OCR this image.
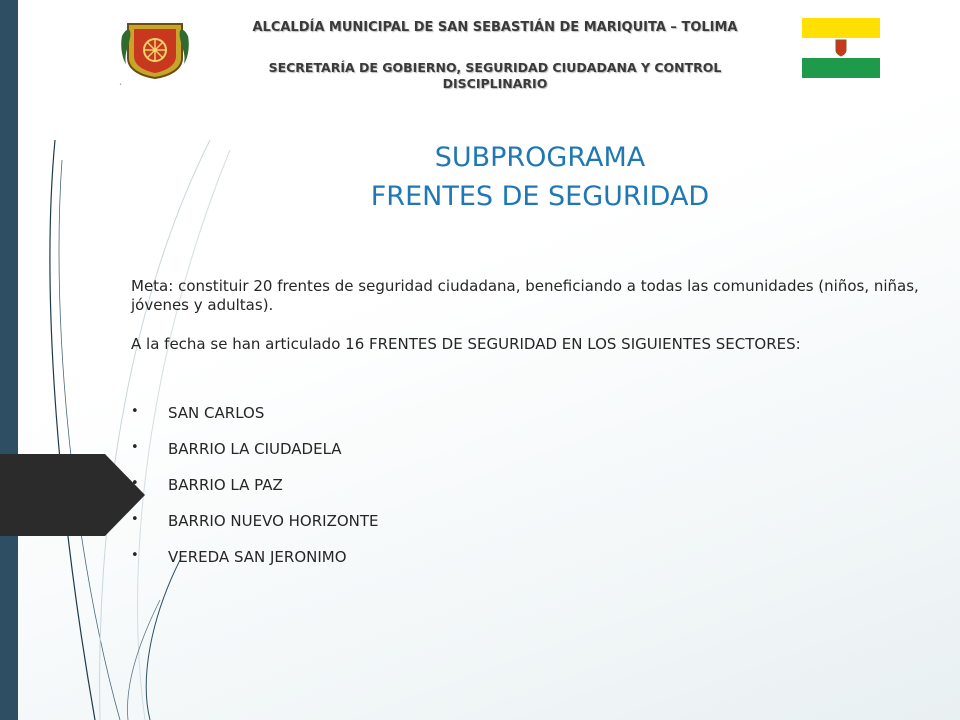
ALCALDÍA MUNICIPAL DE SAN SEBASTIÁN DE MARIQUITA – TOLIMA
SECRETARÍA DE GOBIERNO, SEGURIDAD CIUDADANA Y CONTROL DISCIPLINARIO
`
SUBPROGRAMA
FRENTES DE SEGURIDAD
Meta: constituir 20 frentes de seguridad ciudadana, beneficiando a todas las comunidades (niños, niñas, jóvenes y adultas).
A la fecha se han articulado 16 FRENTES DE SEGURIDAD EN LOS SIGUIENTES SECTORES:
• SAN CARLOS
• BARRIO LA CIUDADELA
• BARRIO LA PAZ
• BARRIO NUEVO HORIZONTE
• VEREDA SAN JERONIMO
